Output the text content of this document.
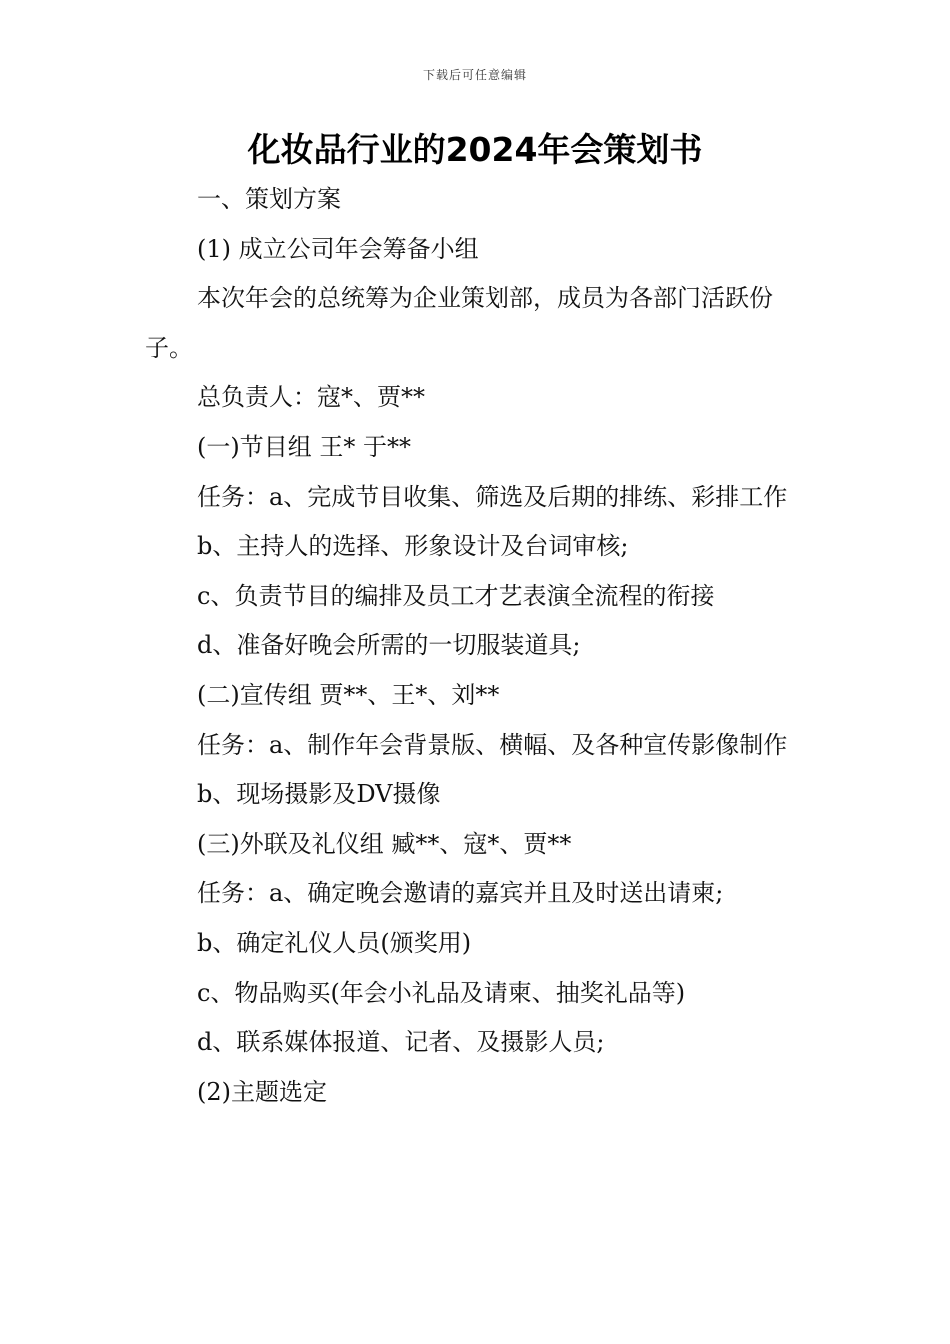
下载后可任意编辑
化妆品行业的2024年会策划书

一、策划方案

(1) 成立公司年会筹备小组

本次年会的总统筹为企业策划部，成员为各部门活跃份子。

总负责人：寇*、贾**

(一)节目组 王* 于**

任务：a、完成节目收集、筛选及后期的排练、彩排工作

b、主持人的选择、形象设计及台词审核;

c、负责节目的编排及员工才艺表演全流程的衔接

d、准备好晚会所需的一切服装道具;

(二)宣传组 贾**、王*、刘**

任务：a、制作年会背景版、横幅、及各种宣传影像制作

b、现场摄影及DV摄像

(三)外联及礼仪组 臧**、寇*、贾**

任务：a、确定晚会邀请的嘉宾并且及时送出请柬;

b、确定礼仪人员(颁奖用)

c、物品购买(年会小礼品及请柬、抽奖礼品等)

d、联系媒体报道、记者、及摄影人员;

(2)主题选定
